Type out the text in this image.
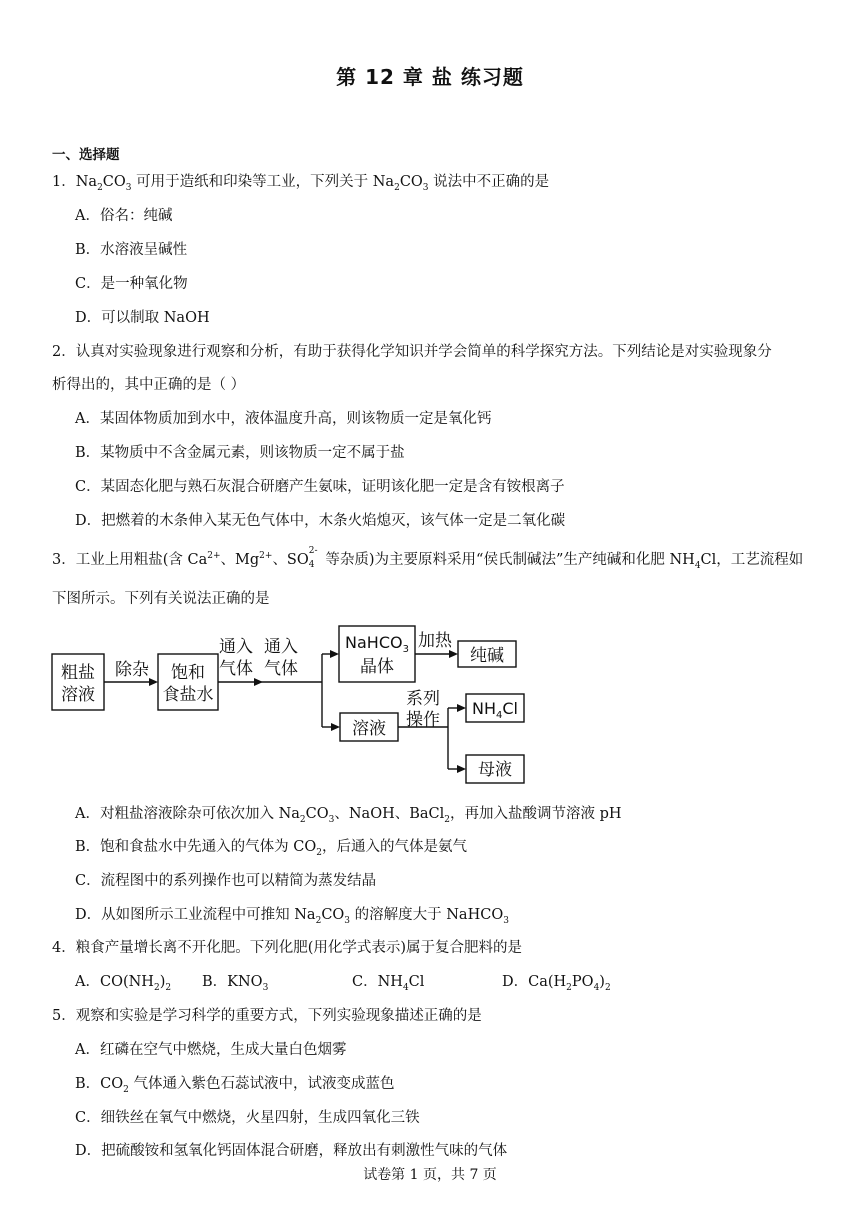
第 12 章 盐 练习题
一、选择题
1．$Na_2CO_3$ 可用于造纸和印染等工业，下列关于 $Na_2CO_3$ 说法中不正确的是
A．俗名：纯碱
B．水溶液呈碱性
C．是一种氧化物
D．可以制取 NaOH
2．认真对实验现象进行观察和分析，有助于获得化学知识并学会简单的科学探究方法。下列结论是对实验现象分
析得出的，其中正确的是（ ）
A．某固体物质加到水中，液体温度升高，则该物质一定是氧化钙
B．某物质中不含金属元素，则该物质一定不属于盐
C．某固态化肥与熟石灰混合研磨产生氨味，证明该化肥一定是含有铵根离子
D．把燃着的木条伸入某无色气体中，木条火焰熄灭，该气体一定是二氧化碳
3．工业上用粗盐(含 $Ca^{2+}$、$Mg^{2+}$、SO
2-
4 等杂质)为主要原料采用“侯氏制碱法”生产纯碱和化肥 $NH_4Cl$，工艺流程如
下图所示。下列有关说法正确的是
粗盐
溶液
除杂 饱和
食盐水
通入
气体
通入
气体
NaHCO$_3$
晶体
加热
纯碱
溶液
系列
操作
$NH_4Cl$
母液
A．对粗盐溶液除杂可依次加入 $Na_2CO_3$、NaOH、BaCl$_2$，再加入盐酸调节溶液 pH
B．饱和食盐水中先通入的气体为 $CO_2$，后通入的气体是氨气
C．流程图中的系列操作也可以精简为蒸发结晶
D．从如图所示工业流程中可推知 $Na_2CO_3$ 的溶解度大于 NaHCO$_3$
4．粮食产量增长离不开化肥。下列化肥(用化学式表示)属于复合肥料的是
A．$CO(NH_2)_2$ B．$KNO_3$	C．$NH_4Cl$	D．$Ca(H_2PO_4)_2$
5．观察和实验是学习科学的重要方式，下列实验现象描述正确的是
A．红磷在空气中燃烧，生成大量白色烟雾
B．$CO_2$ 气体通入紫色石蕊试液中，试液变成蓝色
C．细铁丝在氧气中燃烧，火星四射，生成四氧化三铁
D．把硫酸铵和氢氧化钙固体混合研磨，释放出有刺激性气味的气体
试卷第 1 页，共 7 页
